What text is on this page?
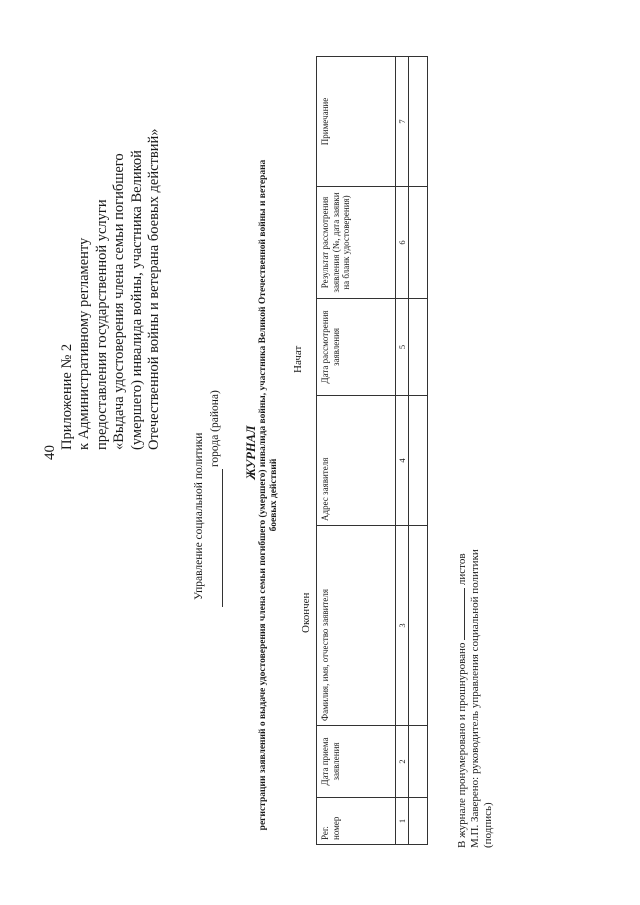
40
Приложение № 2 к Административному регламенту предоставления государственной услуги «Выдача удостоверения члена семьи погибшего (умершего) инвалида войны, участника Великой Отечественной войны и ветерана боевых действий»
Управление социальной политики
города (района) ЖУРНАЛ регистрации заявлений о выдаче удостоверения члена семьи погибшего (умершего) инвалида войны, участника Великой Отечественной войны и ветерана боевых действий
Начат
Окончен
Рег. номер	Дата приема заявления	Фамилия, имя, отчество заявителя	Адрес заявителя	Дата рассмотрения заявления	Результат рассмотрения заявления (№, дата заявки на бланк удостоверения)	Примечание
1	2	3	4	5	6	7

В журнале пронумеровано и прошнуровано  листов М.П. Заверено: руководитель управления социальной политики (подпись)
